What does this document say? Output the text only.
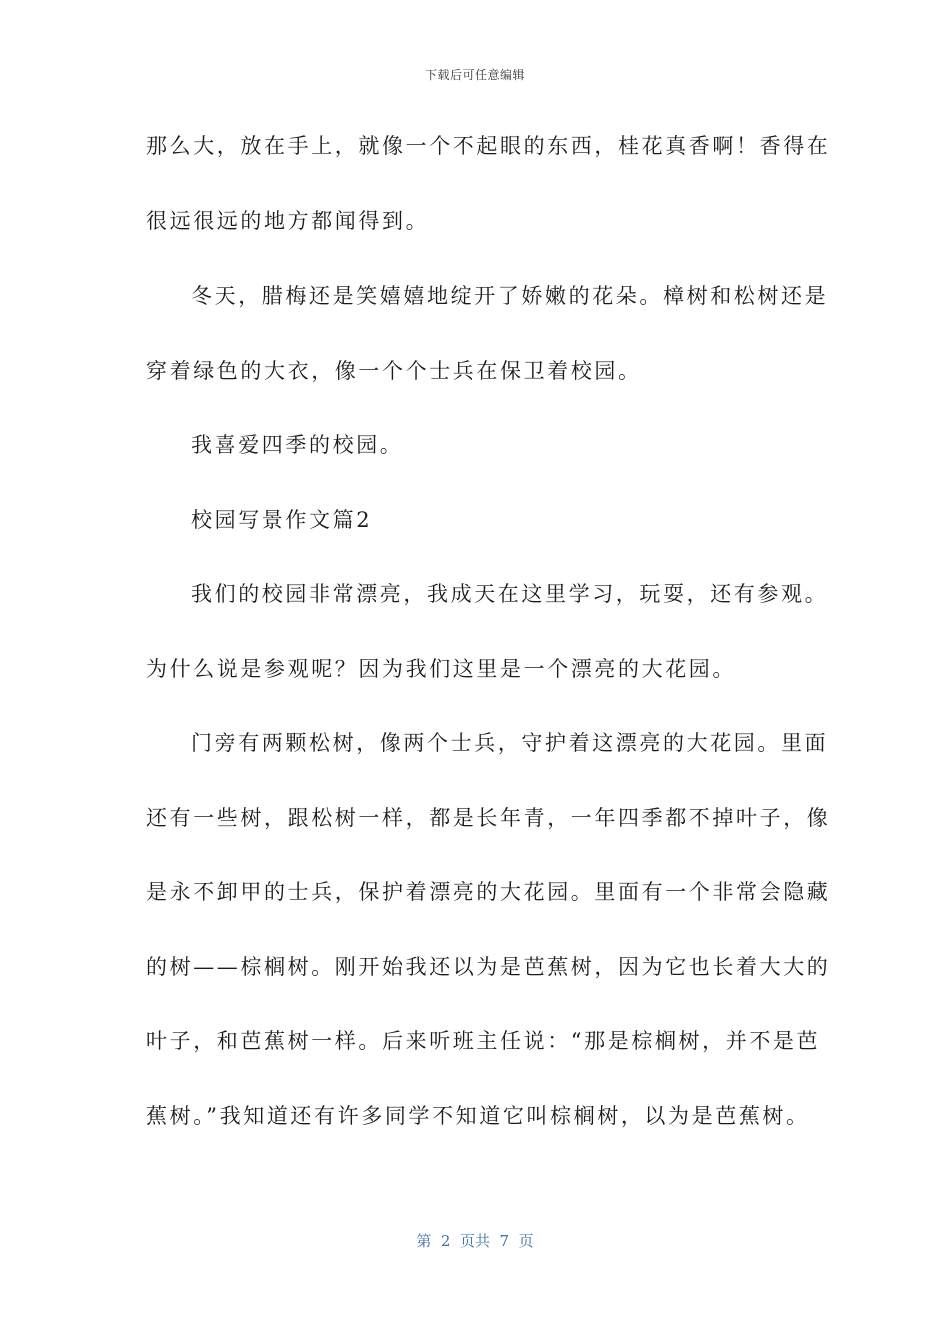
下载后可任意编辑
那么大，放在手上，就像一个不起眼的东西，桂花真香啊！香得在
很远很远的地方都闻得到。
冬天，腊梅还是笑嬉嬉地绽开了娇嫩的花朵。樟树和松树还是
穿着绿色的大衣，像一个个士兵在保卫着校园。
我喜爱四季的校园。
校园写景作文篇2
我们的校园非常漂亮，我成天在这里学习，玩耍，还有参观。
为什么说是参观呢？因为我们这里是一个漂亮的大花园。
门旁有两颗松树，像两个士兵，守护着这漂亮的大花园。里面
还有一些树，跟松树一样，都是长年青，一年四季都不掉叶子，像
是永不卸甲的士兵，保护着漂亮的大花园。里面有一个非常会隐藏
的树——棕榈树。刚开始我还以为是芭蕉树，因为它也长着大大的
叶子，和芭蕉树一样。后来听班主任说：“那是棕榈树，并不是芭
蕉树。”我知道还有许多同学不知道它叫棕榈树，以为是芭蕉树。
第  2  页共  7  页
